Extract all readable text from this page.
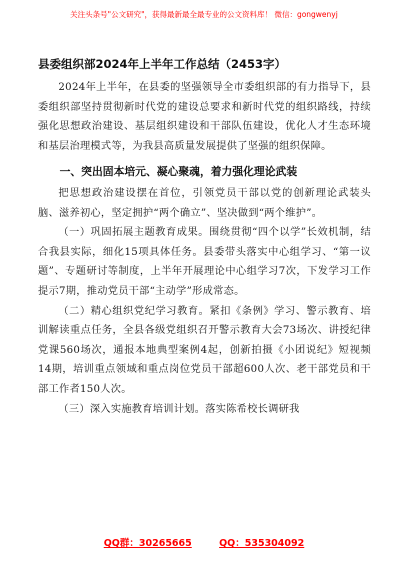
关注头条号"公文研究"，获得最新最全最专业的公文资料库！ 微信：gongwenyj
县委组织部2024年上半年工作总结（2453字）

2024年上半年，在县委的坚强领导全市委组织部的有力指导下，县委组织部坚持贯彻新时代党的建设总要求和新时代党的组织路线，持续强化思想政治建设、基层组织建设和干部队伍建设，优化人才生态环境和基层治理模式等，为我县高质量发展提供了坚强的组织保障。

一、突出固本培元、凝心聚魂，着力强化理论武装

把思想政治建设摆在首位，引领党员干部以党的创新理论武装头脑、滋养初心，坚定拥护“两个确立”、坚决做到“两个维护”。

（一）巩固拓展主题教育成果。围绕贯彻“四个以学”长效机制，结合我县实际，细化15项具体任务。县委带头落实中心组学习、“第一议题”、专题研讨等制度，上半年开展理论中心组学习7次，下发学习工作提示7期，推动党员干部“主动学”形成常态。

（二）精心组织党纪学习教育。紧扣《条例》学习、警示教育、培训解读重点任务，全县各级党组织召开警示教育大会73场次、讲授纪律党课560场次，通报本地典型案例4起，创新拍摄《小团说纪》短视频14期，培训重点领域和重点岗位党员干部超600人次、老干部党员和干部工作者150人次。

（三）深入实施教育培训计划。落实陈希校长调研我

QQ群：30265665	QQ：535304092
